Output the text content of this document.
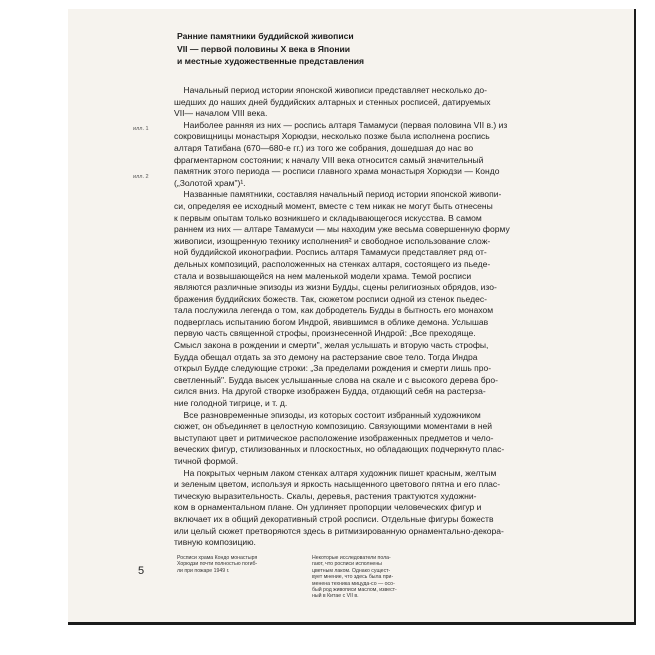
Ранние памятники буддийской живописи
VII — первой половины X века в Японии
и местные художественные представления
илл. 1
илл. 2
Начальный период истории японской живописи представляет несколько до-
шедших до наших дней буддийских алтарных и стенных росписей, датируемых
VII— началом VIII века.
Наиболее ранняя из них — роспись алтаря Тамамуси (первая половина VII в.) из
сокровищницы монастыря Хорюдзи, несколько позже была исполнена роспись
алтаря Татибана (670—680-е гг.) из того же собрания, дошедшая до нас во
фрагментарном состоянии; к началу VIII века относится самый значительный
памятник этого периода — росписи главного храма монастыря Хорюдзи — Кондо
(„Золотой храм")¹.
Названные памятники, составляя начальный период истории японской живопи-
си, определяя ее исходный момент, вместе с тем никак не могут быть отнесены
к первым опытам только возникшего и складывающегося искусства. В самом
раннем из них — алтаре Тамамуси — мы находим уже весьма совершенную форму
живописи, изощренную технику исполнения² и свободное использование слож-
ной буддийской иконографии. Роспись алтаря Тамамуси представляет ряд от-
дельных композиций, расположенных на стенках алтаря, состоящего из пьеде-
стала и возвышающейся на нем маленькой модели храма. Темой росписи
являются различные эпизоды из жизни Будды, сцены религиозных обрядов, изо-
бражения буддийских божеств. Так, сюжетом росписи одной из стенок пьедес-
тала послужила легенда о том, как добродетель Будды в бытность его монахом
подверглась испытанию богом Индрой, явившимся в облике демона. Услышав
первую часть священной строфы, произнесенной Индрой: „Все преходяще.
Смысл закона в рождении и смерти", желая услышать и вторую часть строфы,
Будда обещал отдать за это демону на растерзание свое тело. Тогда Индра
открыл Будде следующие строки: „За пределами рождения и смерти лишь про-
светленный". Будда высек услышанные слова на скале и с высокого дерева бро-
сился вниз. На другой створке изображен Будда, отдающий себя на растерза-
ние голодной тигрице, и т. д.
Все разновременные эпизоды, из которых состоит избранный художником
сюжет, он объединяет в целостную композицию. Связующими моментами в ней
выступают цвет и ритмическое расположение изображенных предметов и чело-
веческих фигур, стилизованных и плоскостных, но обладающих подчеркнуто плас-
тичной формой.
На покрытых черным лаком стенках алтаря художник пишет красным, желтым
и зеленым цветом, используя и яркость насыщенного цветового пятна и его плас-
тическую выразительность. Скалы, деревья, растения трактуются художни-
ком в орнаментальном плане. Он удлиняет пропорции человеческих фигур и
включает их в общий декоративный строй росписи. Отдельные фигуры божеств
или целый сюжет претворяются здесь в ритмизированную орнаментально-декора-
тивную композицию.
5
Росписи храма Кондо монастыря
Хорюдзи почти полностью погиб-
ли при пожаре 1949 г.
Некоторые исследователи пола-
гают, что росписи исполнены
цветным лаком. Однако сущест-
вует мнение, что здесь была при-
менена техника мицуда-со — осо-
бый род живописи маслом, извест-
ный в Китае с VII в.
